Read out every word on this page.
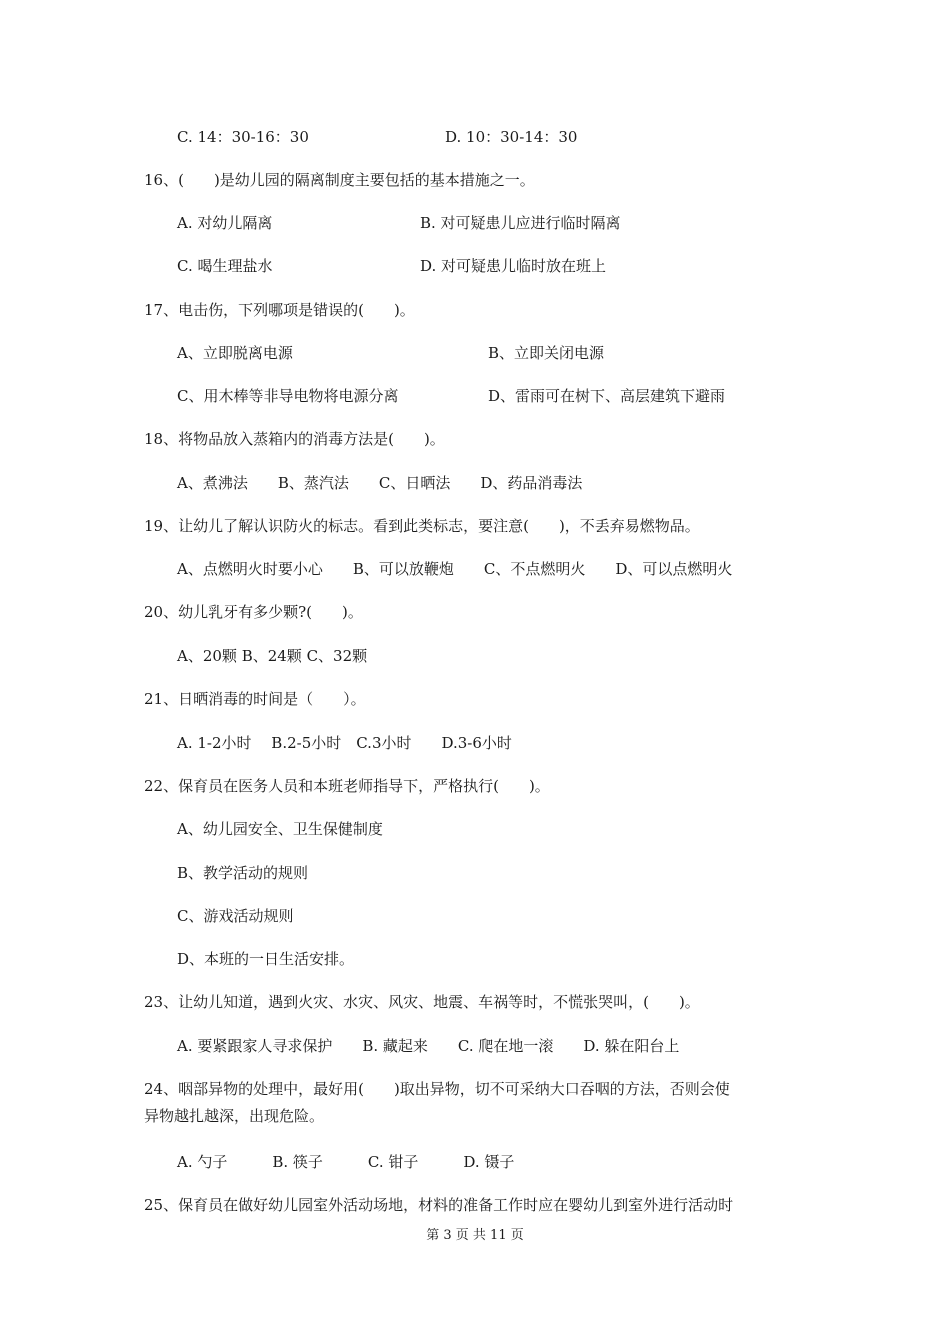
C. 14：30-16：30	D. 10：30-14：30
16、(　　)是幼儿园的隔离制度主要包括的基本措施之一。
A. 对幼儿隔离	B. 对可疑患儿应进行临时隔离
C. 喝生理盐水	D. 对可疑患儿临时放在班上
17、电击伤，下列哪项是错误的(　　)。
A、立即脱离电源	B、立即关闭电源
C、用木棒等非导电物将电源分离	D、雷雨可在树下、高层建筑下避雨
18、将物品放入蒸箱内的消毒方法是(　　)。
A、煮沸法　　B、蒸汽法　　C、日晒法　　D、药品消毒法
19、让幼儿了解认识防火的标志。看到此类标志，要注意(　　)，不丢弃易燃物品。
A、点燃明火时要小心　　B、可以放鞭炮　　C、不点燃明火　　D、可以点燃明火
20、幼儿乳牙有多少颗?(　　)。
A、20颗 B、24颗 C、32颗
21、日晒消毒的时间是（　　）。
A. 1-2小时　 B.2-5小时　C.3小时　　D.3-6小时
22、保育员在医务人员和本班老师指导下，严格执行(　　)。
A、幼儿园安全、卫生保健制度
B、教学活动的规则
C、游戏活动规则
D、本班的一日生活安排。
23、让幼儿知道，遇到火灾、水灾、风灾、地震、车祸等时，不慌张哭叫，(　　)。
A. 要紧跟家人寻求保护　　B. 藏起来　　C. 爬在地一滚　　D. 躲在阳台上
24、咽部异物的处理中，最好用(　　)取出异物，切不可采纳大口吞咽的方法，否则会使
异物越扎越深，出现危险。
A. 勺子　　　B. 筷子　　　C. 钳子　　　D. 镊子
25、保育员在做好幼儿园室外活动场地，材料的准备工作时应在婴幼儿到室外进行活动时
第 3 页 共 11 页
